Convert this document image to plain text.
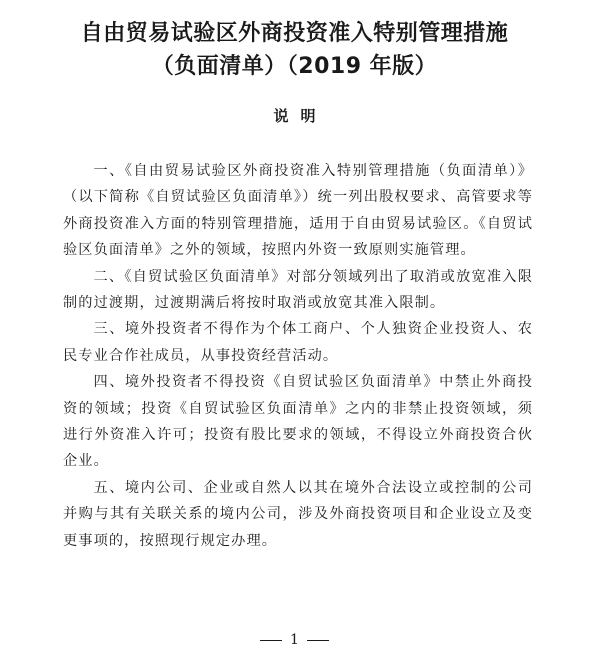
自由贸易试验区外商投资准入特别管理措施
（负面清单）（2019 年版）
说明

一、《自由贸易试验区外商投资准入特别管理措施（负面清单）》（以下简称《自贸试验区负面清单》）统一列出股权要求、高管要求等外商投资准入方面的特别管理措施，适用于自由贸易试验区。《自贸试验区负面清单》之外的领域，按照内外资一致原则实施管理。

二、《自贸试验区负面清单》对部分领域列出了取消或放宽准入限制的过渡期，过渡期满后将按时取消或放宽其准入限制。

三、境外投资者不得作为个体工商户、个人独资企业投资人、农民专业合作社成员，从事投资经营活动。

四、境外投资者不得投资《自贸试验区负面清单》中禁止外商投资的领域；投资《自贸试验区负面清单》之内的非禁止投资领域，须进行外资准入许可；投资有股比要求的领域，不得设立外商投资合伙企业。

五、境内公司、企业或自然人以其在境外合法设立或控制的公司并购与其有关联关系的境内公司，涉及外商投资项目和企业设立及变更事项的，按照现行规定办理。

1
